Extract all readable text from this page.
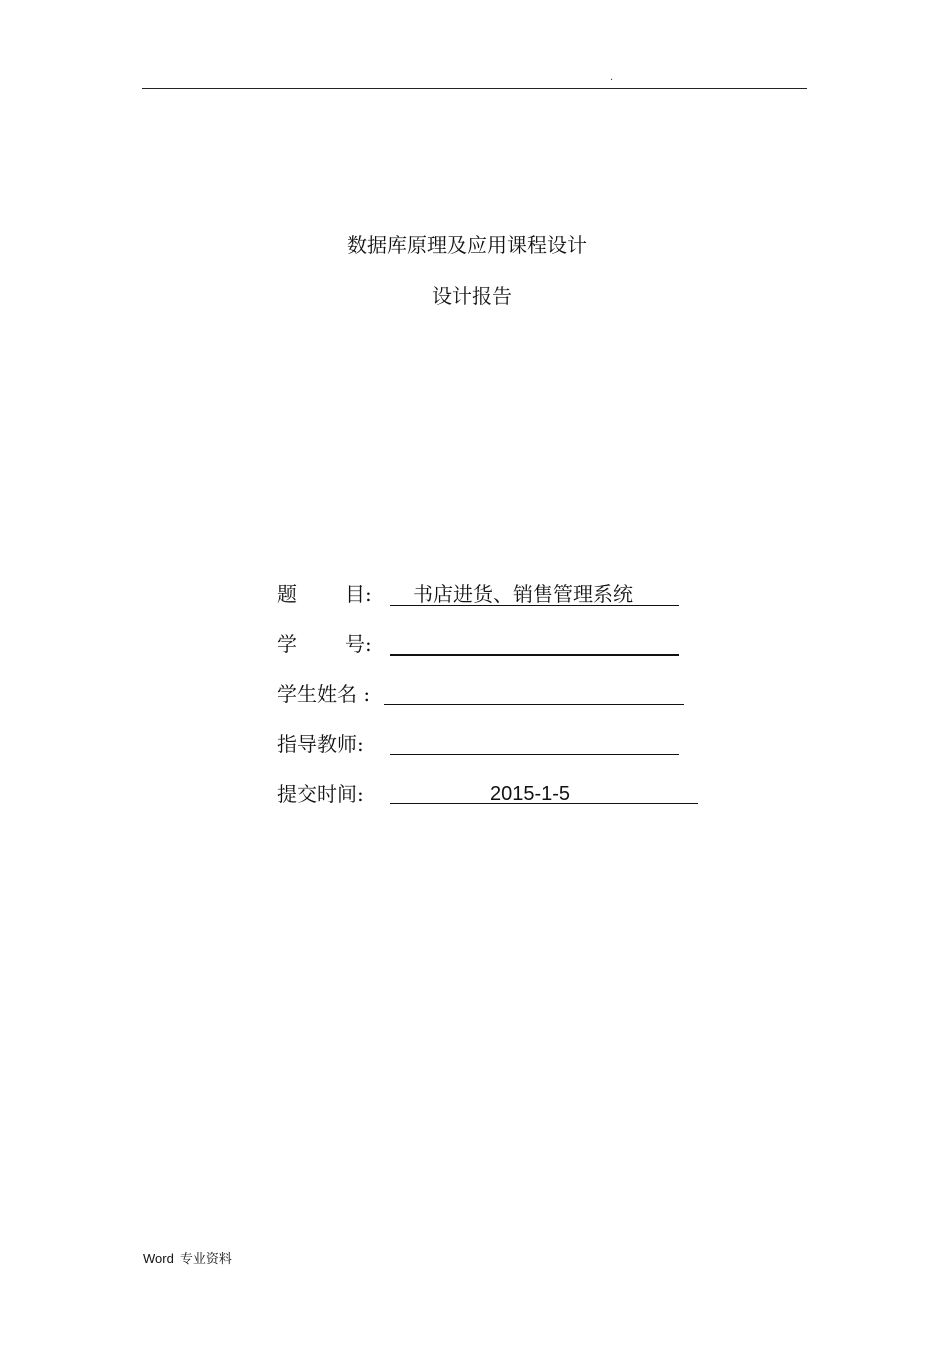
.
数据库原理及应用课程设计
设计报告
题 目: 书店进货、销售管理系统
学 号:
学生姓名 :
指导教师:
提交时间:	2015-1-5
Word 专业资料
